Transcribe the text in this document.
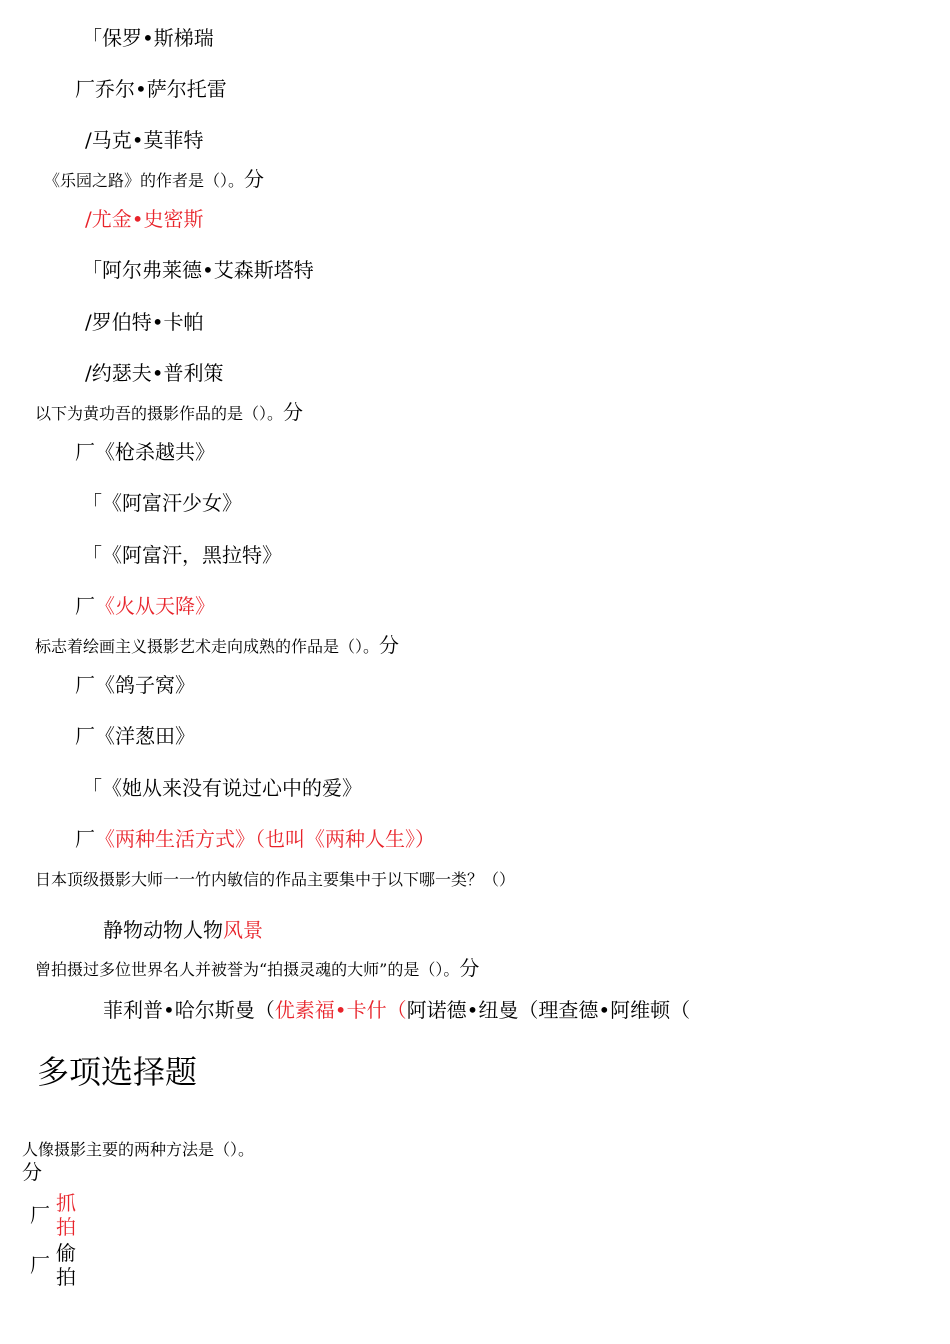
「保罗•斯梯瑞
厂乔尔•萨尔托雷
/马克•莫菲特
《乐园之路》的作者是（）。分
/尤金•史密斯
「阿尔弗莱德•艾森斯塔特
/罗伯特•卡帕
/约瑟夫•普利策
以下为黄功吾的摄影作品的是（）。分
厂《枪杀越共》
「《阿富汗少女》
「《阿富汗，黑拉特》
厂《火从天降》
标志着绘画主义摄影艺术走向成熟的作品是（）。分
厂《鸽子窝》
厂《洋葱田》
「《她从来没有说过心中的爱》
厂《两种生活方式》（也叫《两种人生》）
日本顶级摄影大师一一竹内敏信的作品主要集中于以下哪一类？（）
静物动物人物风景
曾拍摄过多位世界名人并被誉为“拍摄灵魂的大师”的是（）。分
菲利普•哈尔斯曼（优素福•卡什（阿诺德•纽曼（理查德•阿维顿（
多项选择题
人像摄影主要的两种方法是（）。
分
厂 抓拍
厂 偷拍
